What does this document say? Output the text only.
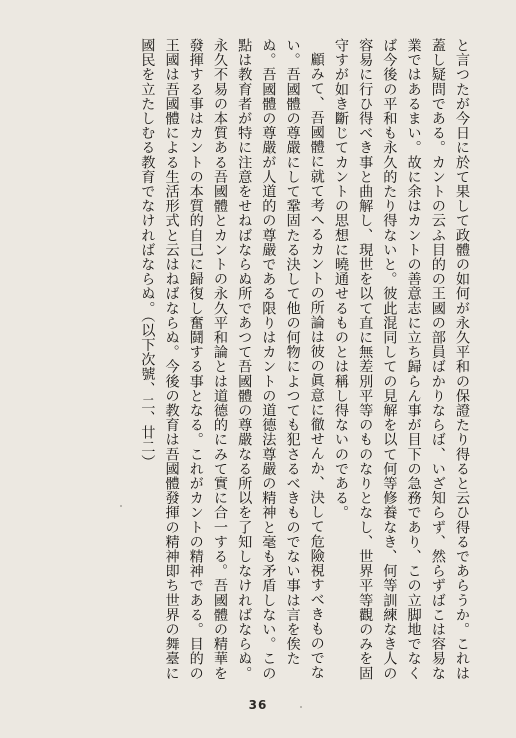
と言つたが今日に於て果して政體の如何が永久平和の保證たり得ると云ひ得るであらうか。これは蓋し疑問である。カントの云ふ目的の王國の部員ばかりならば、いざ知らず、然らずばこは容易な業ではあるまい。故に余はカントの善意志に立ち歸らん事が目下の急務であり、この立脚地でなくば今後の平和も永久的たり得ないと。彼此混同しての見解を以て何等修養なき、何等訓練なき人の容易に行ひ得べき事と曲解し、現世を以て直に無差別平等のものなりとなし、世界平等觀のみを固守すが如き斷じてカントの思想に曉通せるものとは稱し得ないのである。

顧みて、吾國體に就て考へるカントの所論は彼の眞意に徹せんか、決して危險視すべきものでない。吾國體の尊嚴にして鞏固たる決して他の何物によつても犯さるべきものでない事は言を俟たぬ。吾國體の尊嚴が人道的の尊嚴である限りはカントの道德法尊嚴の精神と毫も矛盾しない。この點は教育者が特に注意をせねばならぬ所であつて吾國體の尊嚴なる所以を了知しなければならぬ。永久不易の本質ある吾國體とカントの永久平和論とは道德的にみて實に合一する。吾國體の精華を發揮する事はカントの本質的自己に歸復し奮鬪する事となる。これがカントの精神である。目的の王國は吾國體による生活形式と云はねばならぬ。今後の教育は吾國體發揮の精神即ち世界の舞臺に國民を立たしむる教育でなければならぬ。（以下次號、二、廿二）

36
